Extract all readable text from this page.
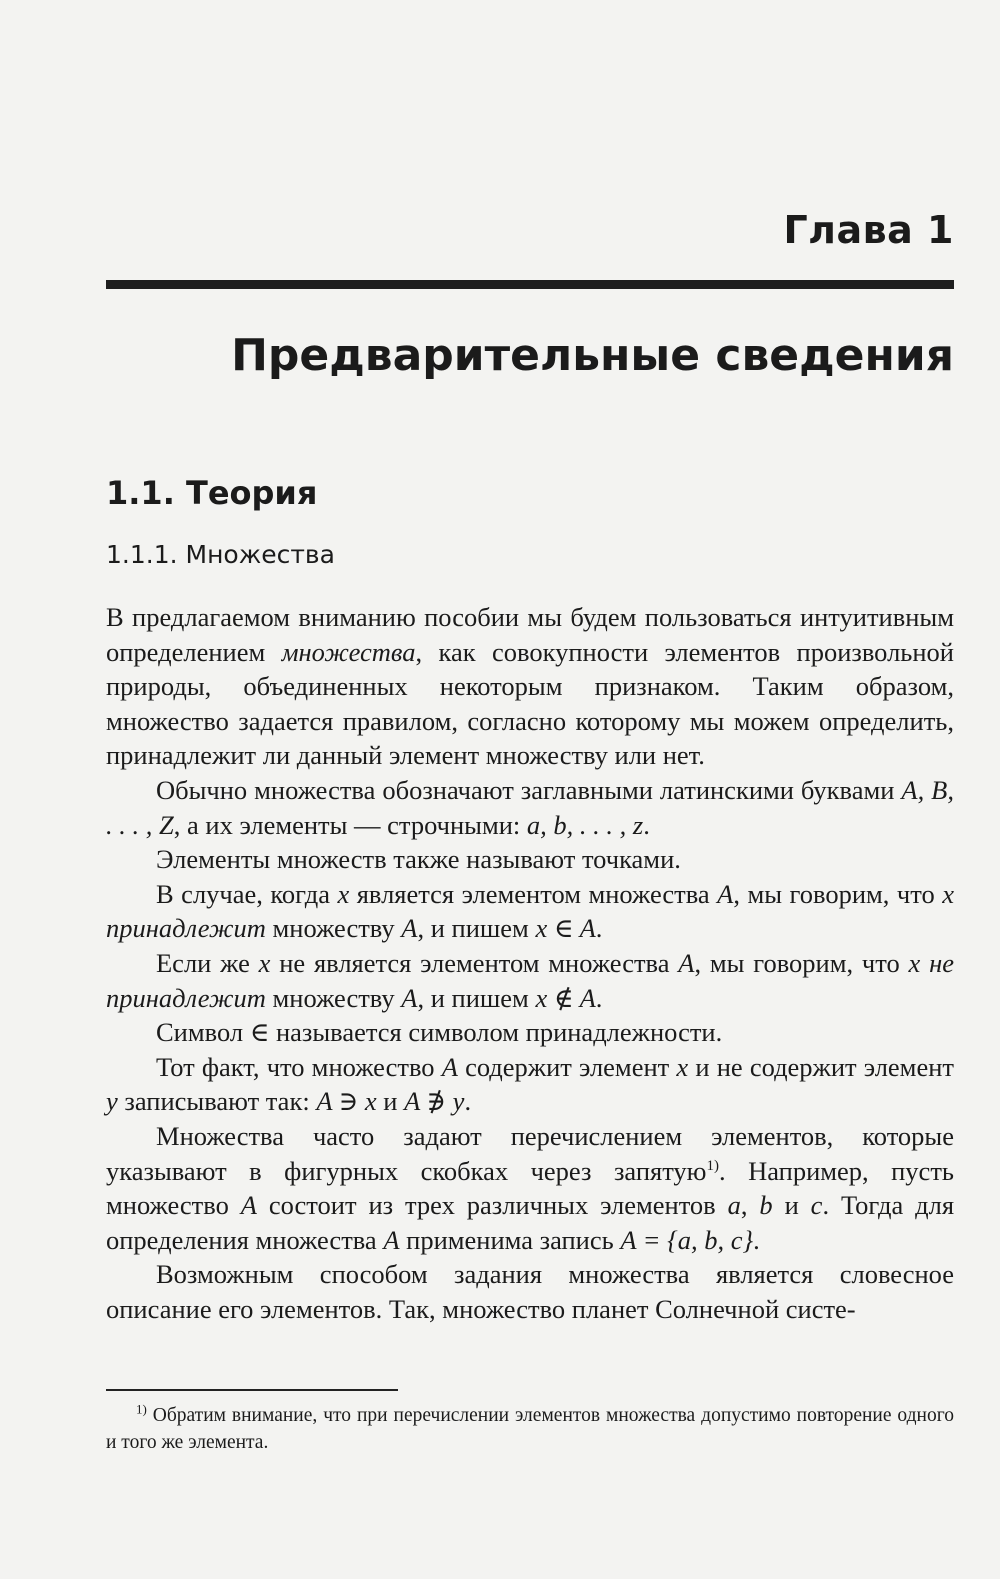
Глава 1
Предварительные сведения
1.1. Теория
1.1.1. Множества

В предлагаемом вниманию пособии мы будем пользоваться интуитивным определением множества, как совокупности элементов произвольной природы, объединенных некоторым признаком. Таким образом, множество задается правилом, согласно которому мы можем определить, принадлежит ли данный элемент множеству или нет.

Обычно множества обозначают заглавными латинскими буквами A, B, . . . , Z, а их элементы — строчными: a, b, . . . , z.

Элементы множеств также называют точками.

В случае, когда x является элементом множества A, мы говорим, что x принадлежит множеству A, и пишем x ∈ A.

Если же x не является элементом множества A, мы говорим, что x не принадлежит множеству A, и пишем x ∉ A.

Символ ∈ называется символом принадлежности.

Тот факт, что множество A содержит элемент x и не содержит элемент y записывают так: A ∋ x и A ∌ y.

Множества часто задают перечислением элементов, которые указывают в фигурных скобках через запятую$^{1)}$. Например, пусть множество A состоит из трех различных элементов a, b и c. Тогда для определения множества A применима запись A = {a, b, c}.

Возможным способом задания множества является словесное описание его элементов. Так, множество планет Солнечной систе-

$^{1)}$ Обратим внимание, что при перечислении элементов множества допустимо повторение одного и того же элемента.
